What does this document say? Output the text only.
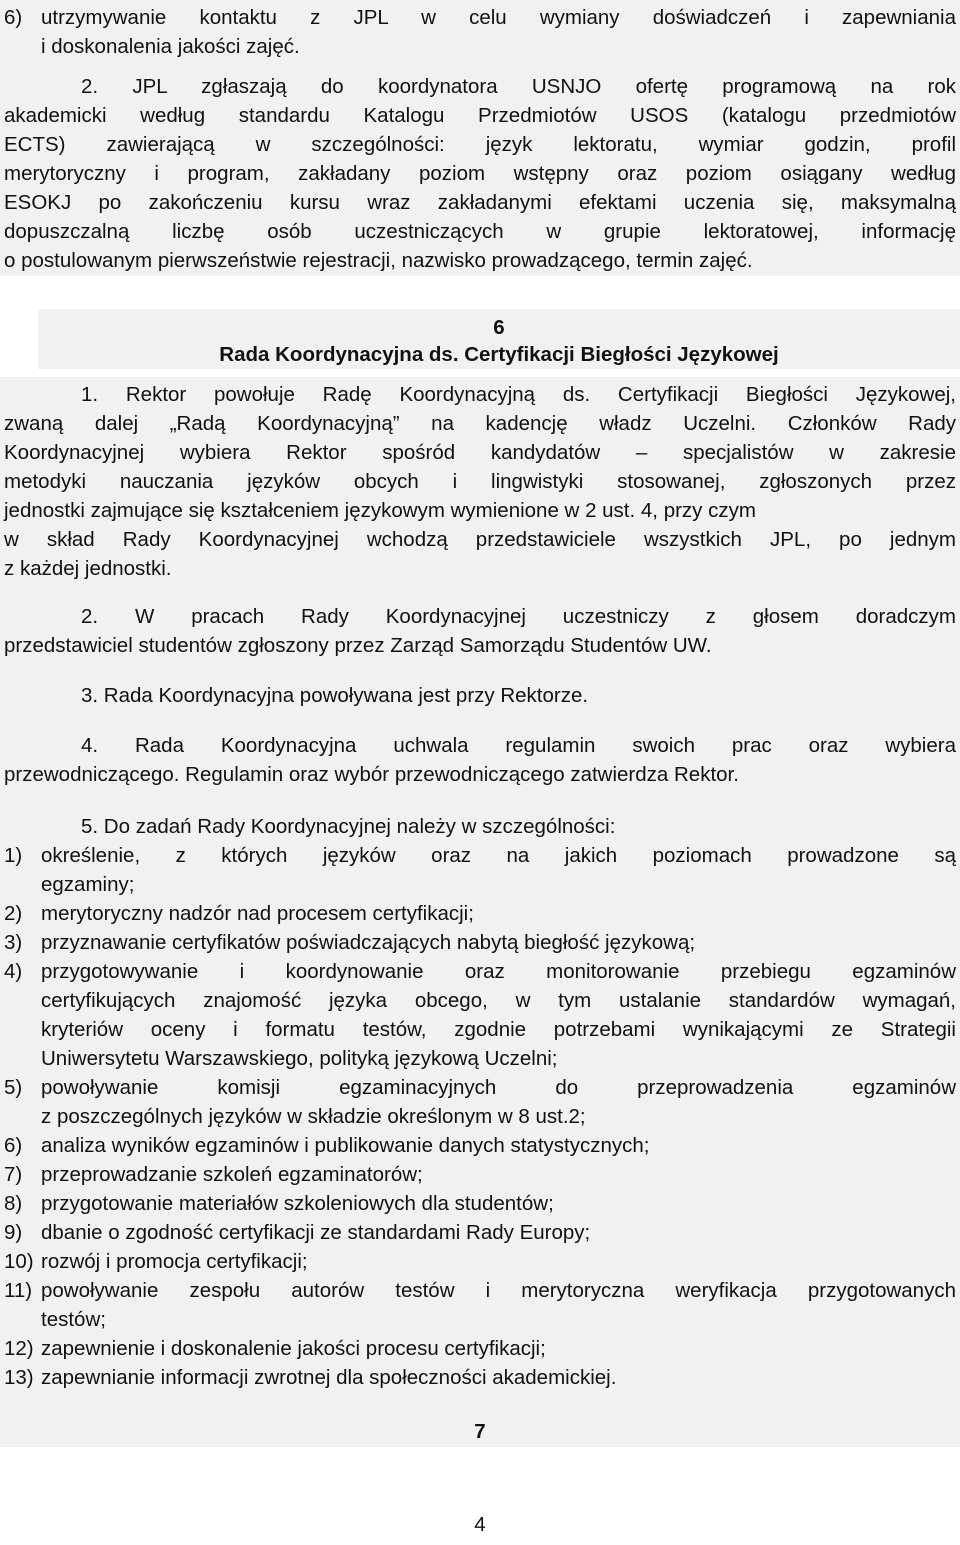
6) utrzymywanie kontaktu z JPL w celu wymiany doświadczeń i zapewniania
i doskonalenia jakości zajęć.
2. JPL zgłaszają do koordynatora USNJO ofertę programową na rok
akademicki według standardu Katalogu Przedmiotów USOS (katalogu przedmiotów
ECTS) zawierającą w szczególności: język lektoratu, wymiar godzin, profil
merytoryczny i program, zakładany poziom wstępny oraz poziom osiągany według
ESOKJ po zakończeniu kursu wraz zakładanymi efektami uczenia się, maksymalną
dopuszczalną liczbę osób uczestniczących w grupie lektoratowej, informację
o postulowanym pierwszeństwie rejestracji, nazwisko prowadzącego, termin zajęć.
6
Rada Koordynacyjna ds. Certyfikacji Biegłości Językowej
1. Rektor powołuje Radę Koordynacyjną ds. Certyfikacji Biegłości Językowej,
zwaną dalej „Radą Koordynacyjną” na kadencję władz Uczelni. Członków Rady
Koordynacyjnej wybiera Rektor spośród kandydatów – specjalistów w zakresie
metodyki nauczania języków obcych i lingwistyki stosowanej, zgłoszonych przez
jednostki zajmujące się kształceniem językowym wymienione w 2 ust. 4, przy czym
w skład Rady Koordynacyjnej wchodzą przedstawiciele wszystkich JPL, po jednym
z każdej jednostki.
2. W pracach Rady Koordynacyjnej uczestniczy z głosem doradczym
przedstawiciel studentów zgłoszony przez Zarząd Samorządu Studentów UW.
3. Rada Koordynacyjna powoływana jest przy Rektorze.
4. Rada Koordynacyjna uchwala regulamin swoich prac oraz wybiera
przewodniczącego. Regulamin oraz wybór przewodniczącego zatwierdza Rektor.
5. Do zadań Rady Koordynacyjnej należy w szczególności:
1) określenie, z których języków oraz na jakich poziomach prowadzone są
egzaminy;
2) merytoryczny nadzór nad procesem certyfikacji;
3) przyznawanie certyfikatów poświadczających nabytą biegłość językową;
4) przygotowywanie i koordynowanie oraz monitorowanie przebiegu egzaminów
certyfikujących znajomość języka obcego, w tym ustalanie standardów wymagań,
kryteriów oceny i formatu testów, zgodnie potrzebami wynikającymi ze Strategii
Uniwersytetu Warszawskiego, polityką językową Uczelni;
5) powoływanie komisji egzaminacyjnych do przeprowadzenia egzaminów
z poszczególnych języków w składzie określonym w 8 ust.2;
6) analiza wyników egzaminów i publikowanie danych statystycznych;
7) przeprowadzanie szkoleń egzaminatorów;
8) przygotowanie materiałów szkoleniowych dla studentów;
9) dbanie o zgodność certyfikacji ze standardami Rady Europy;
10) rozwój i promocja certyfikacji;
11) powoływanie zespołu autorów testów i merytoryczna weryfikacja przygotowanych
testów;
12) zapewnienie i doskonalenie jakości procesu certyfikacji;
13) zapewnianie informacji zwrotnej dla społeczności akademickiej.
7
4
